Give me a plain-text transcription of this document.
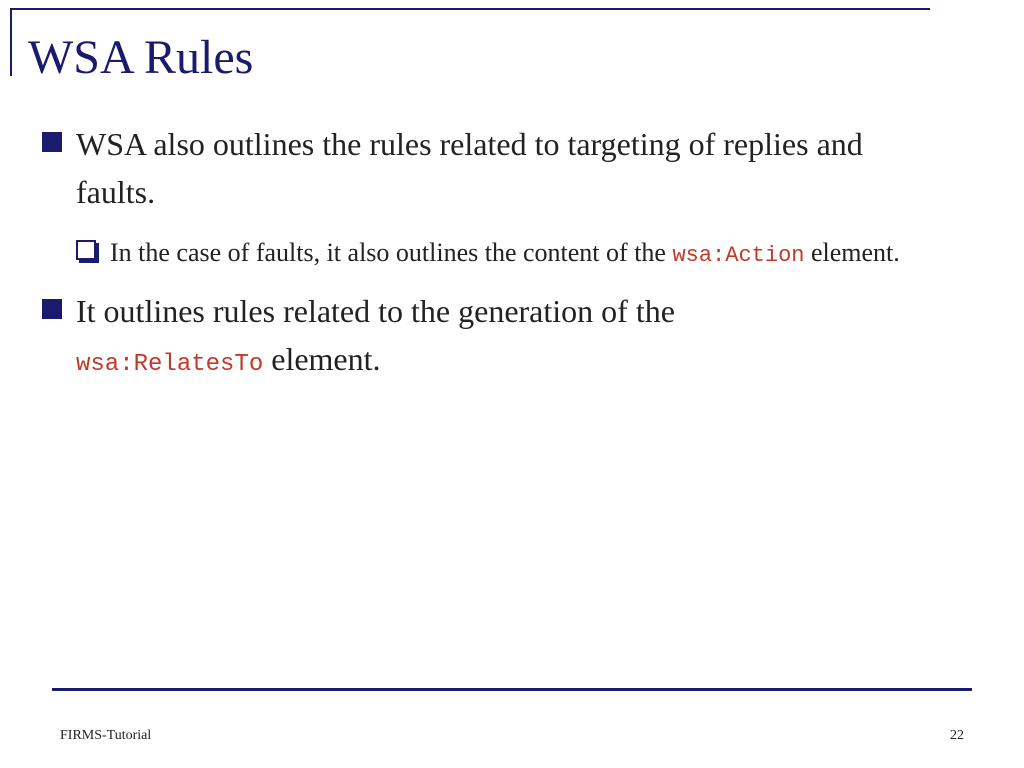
WSA Rules
WSA also outlines the rules related to targeting of replies and faults.
In the case of faults, it also outlines the content of the wsa:Action element.
It outlines rules related to the generation of the
wsa:RelatesTo element.
FIRMS-Tutorial	22
